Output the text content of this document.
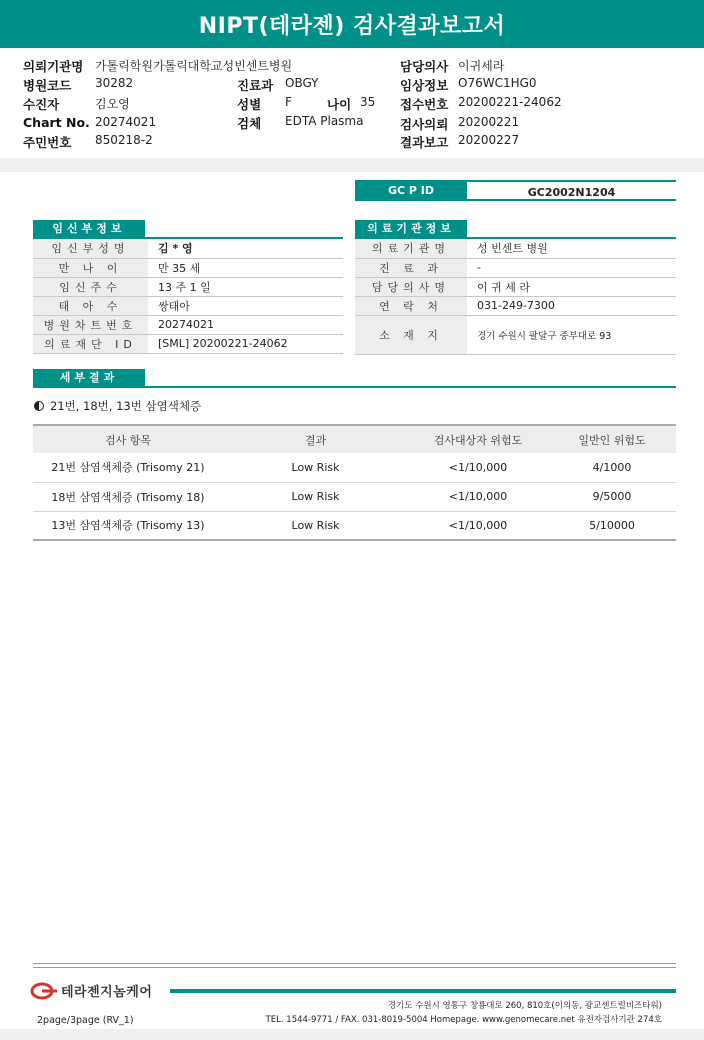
NIPT(테라젠) 검사결과보고서
의뢰기관명 가톨릭학원가톨릭대학교성빈센트병원	담당의사 이귀세라
병원코드 30282	진료과 OBGY	임상정보 O76WC1HG0
수진자	김오영	성별 F	나이 35 접수번호 20200221-24062
Chart No. 20274021	검체 EDTA Plasma	검사의뢰 20200221
주민번호 850218-2	결과보고 20200227
GC P ID	GC2002N1204
임신부정보
임신부성명	김 * 영
만 나 이	만 35 세
임신주수	13 주 1 일
태 아 수	쌍태아
병원차트번호	20274021
의료재단 ID	[SML] 20200221-24062
의료기관정보
의료기관명	성 빈센트 병원
진 료 과	-
담당의사명	이 귀 세 라
연 락 처	031-249-7300
소 재 지	경기 수원시 팔달구 중부대로 93
세부결과
21번, 18번, 13번 삼염색체증
검사 항목	결과	검사대상자 위험도	일반인 위험도
21번 삼염색체증 (Trisomy 21)	Low Risk	<1/10,000	4/1000
18번 삼염색체증 (Trisomy 18)	Low Risk	<1/10,000	9/5000
13번 삼염색체증 (Trisomy 13)	Low Risk	<1/10,000	5/10000
테라젠지놈케어
경기도 수원시 영통구 창룡대로 260, 810호(이의동, 광교센트럴비즈타워)
TEL. 1544-9771 / FAX. 031-8019-5004 Homepage. www.genomecare.net 유전자검사기관 274호
2page/3page (RV_1)
